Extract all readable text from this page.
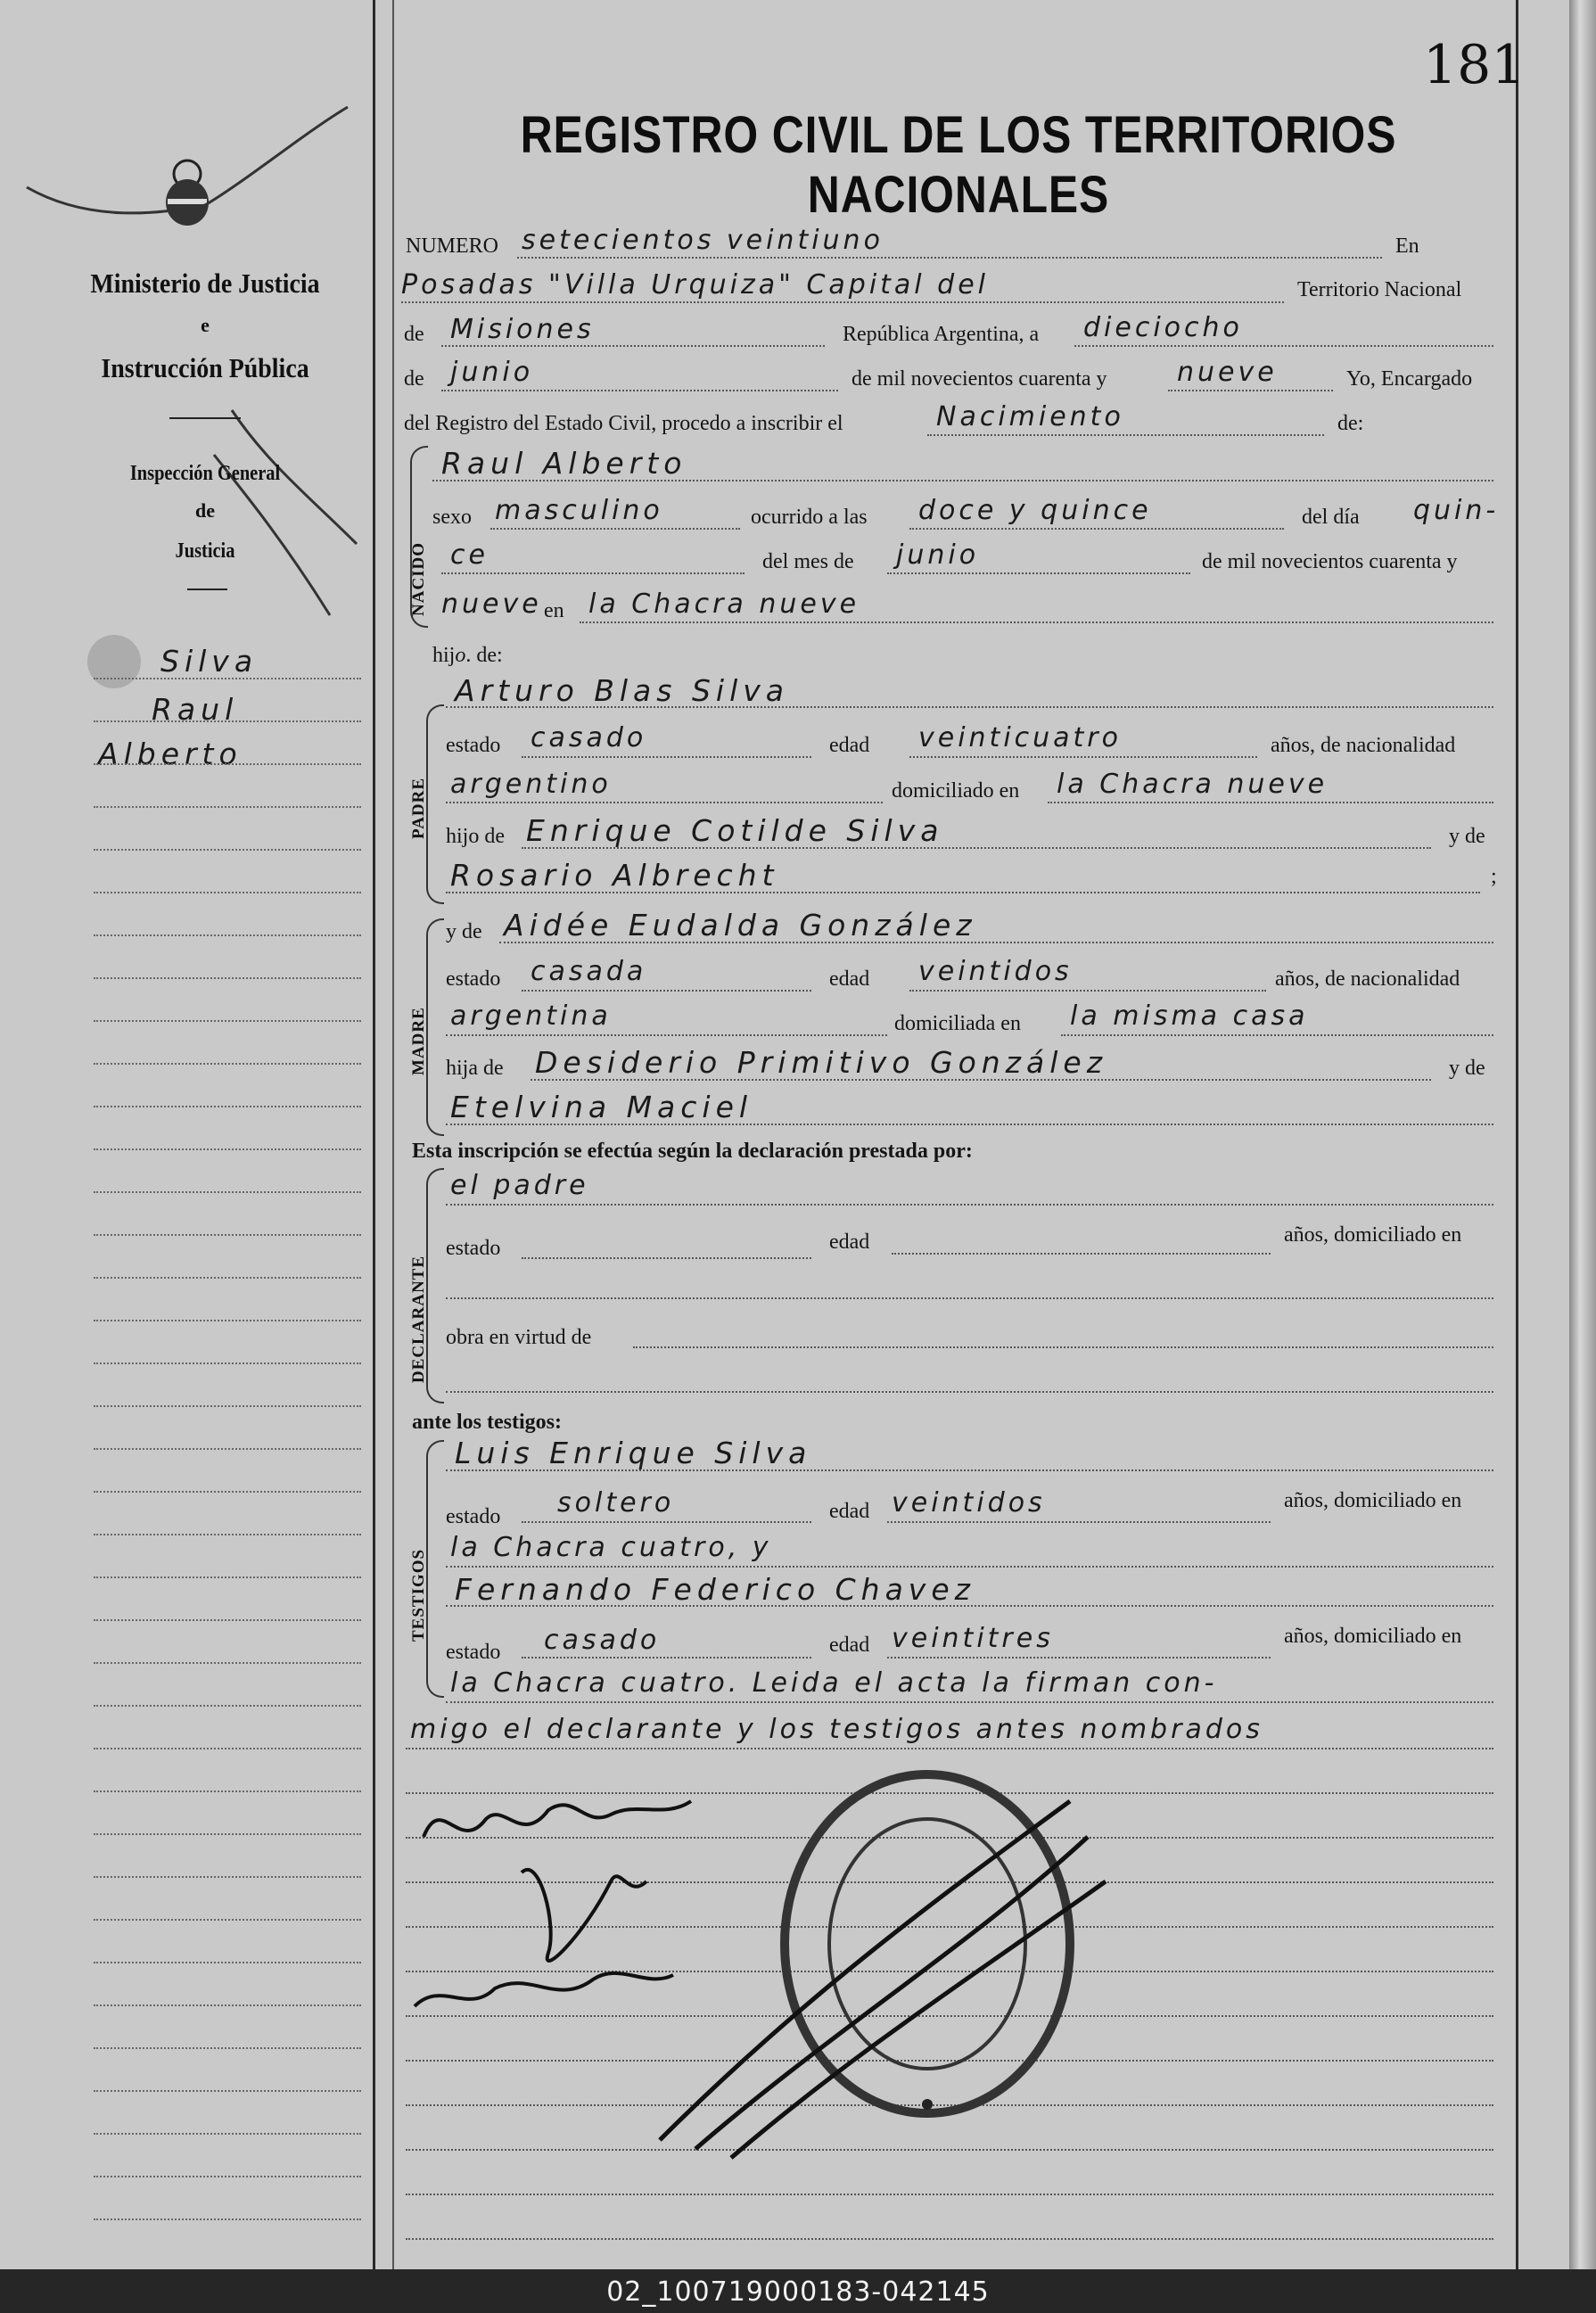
181
REGISTRO CIVIL DE LOS TERRITORIOS NACIONALES
Ministerio de Justicia
e
Instrucción Pública
Inspección General
de
Justicia
Silva
Raul
Alberto
NUMERO setecientos veintiuno	En
Posadas "Villa Urquiza" Capital del	Territorio Nacional
de Misiones	República Argentina, a dieciocho
de junio	de mil novecientos cuarenta y	nueve	Yo, Encargado
del Registro del Estado Civil, procedo a inscribir el	Nacimiento	de:
NACIDO
Raul Alberto
sexo masculino	ocurrido a las doce y quince	del día quin-
ce	del mes de junio	de mil novecientos cuarenta y
nueve en la Chacra nueve
hijo. de:
PADRE
Arturo Blas Silva
estado casado	edad veinticuatro	años, de nacionalidad
argentino	domiciliado en la Chacra nueve
hijo de Enrique Cotilde Silva	y de
Rosario Albrecht	;
MADRE
y de Aidée Eudalda González
estado casada	edad veintidos	años, de nacionalidad
argentina	domiciliada en la misma casa
hija de Desiderio Primitivo González	y de
Etelvina Maciel
Esta inscripción se efectúa según la declaración prestada por:
DECLARANTE
el padre
estado	edad	años, domiciliado en
obra en virtud de
ante los testigos:
TESTIGOS
Luis Enrique Silva
estado soltero	edad veintidos	años, domiciliado en
la Chacra cuatro, y
Fernando Federico Chavez
estado casado	edad veintitres	años, domiciliado en
la Chacra cuatro. Leida el acta la firman con-
migo el declarante y los testigos antes nombrados
02_100719000183-042145
